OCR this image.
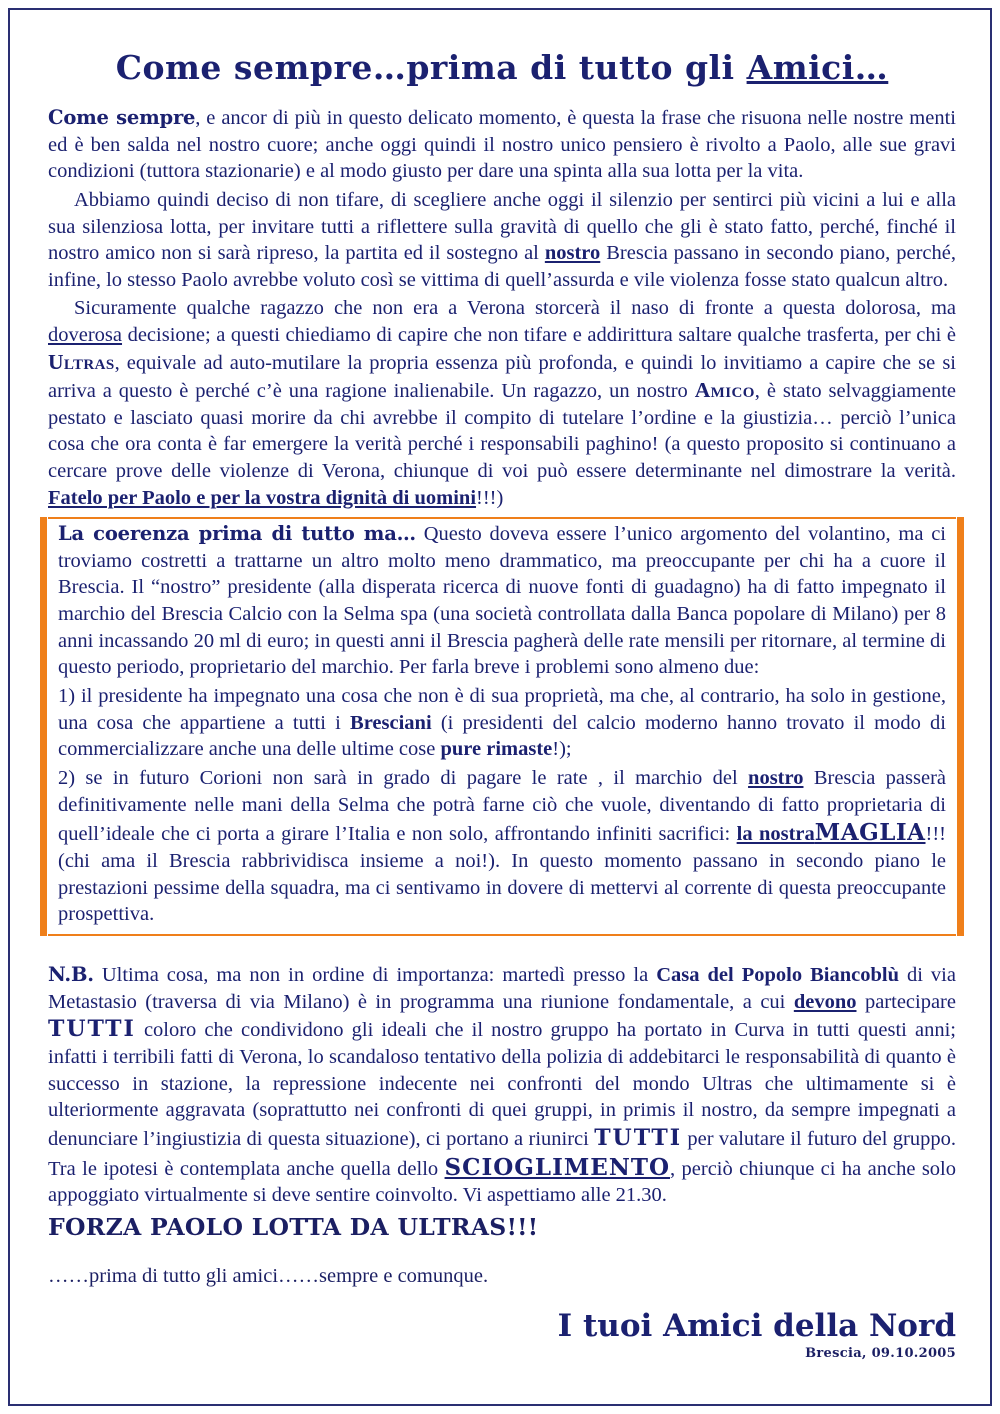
Come sempre…prima di tutto gli Amici…

Come sempre, e ancor di più in questo delicato momento, è questa la frase che risuona nelle nostre menti ed è ben salda nel nostro cuore; anche oggi quindi il nostro unico pensiero è rivolto a Paolo, alle sue gravi condizioni (tuttora stazionarie) e al modo giusto per dare una spinta alla sua lotta per la vita.

Abbiamo quindi deciso di non tifare, di scegliere anche oggi il silenzio per sentirci più vicini a lui e alla sua silenziosa lotta, per invitare tutti a riflettere sulla gravità di quello che gli è stato fatto, perché, finché il nostro amico non si sarà ripreso, la partita ed il sostegno al nostro Brescia passano in secondo piano, perché, infine, lo stesso Paolo avrebbe voluto così se vittima di quell’assurda e vile violenza fosse stato qualcun altro.

Sicuramente qualche ragazzo che non era a Verona storcerà il naso di fronte a questa dolorosa, ma doverosa decisione; a questi chiediamo di capire che non tifare e addirittura saltare qualche trasferta, per chi è Ultras, equivale ad auto-mutilare la propria essenza più profonda, e quindi lo invitiamo a capire che se si arriva a questo è perché c’è una ragione inalienabile. Un ragazzo, un nostro Amico, è stato selvaggiamente pestato e lasciato quasi morire da chi avrebbe il compito di tutelare l’ordine e la giustizia… perciò l’unica cosa che ora conta è far emergere la verità perché i responsabili paghino! (a questo proposito si continuano a cercare prove delle violenze di Verona, chiunque di voi può essere determinante nel dimostrare la verità. Fatelo per Paolo e per la vostra dignità di uomini!!!)

La coerenza prima di tutto ma… Questo doveva essere l’unico argomento del volantino, ma ci troviamo costretti a trattarne un altro molto meno drammatico, ma preoccupante per chi ha a cuore il Brescia. Il “nostro” presidente (alla disperata ricerca di nuove fonti di guadagno) ha di fatto impegnato il marchio del Brescia Calcio con la Selma spa (una società controllata dalla Banca popolare di Milano) per 8 anni incassando 20 ml di euro; in questi anni il Brescia pagherà delle rate mensili per ritornare, al termine di questo periodo, proprietario del marchio. Per farla breve i problemi sono almeno due:

1) il presidente ha impegnato una cosa che non è di sua proprietà, ma che, al contrario, ha solo in gestione, una cosa che appartiene a tutti i Bresciani (i presidenti del calcio moderno hanno trovato il modo di commercializzare anche una delle ultime cose pure rimaste!);

2) se in futuro Corioni non sarà in grado di pagare le rate , il marchio del nostro Brescia passerà definitivamente nelle mani della Selma che potrà farne ciò che vuole, diventando di fatto proprietaria di quell’ideale che ci porta a girare l’Italia e non solo, affrontando infiniti sacrifici: la nostraMAGLIA!!! (chi ama il Brescia rabbrividisca insieme a noi!). In questo momento passano in secondo piano le prestazioni pessime della squadra, ma ci sentivamo in dovere di mettervi al corrente di questa preoccupante prospettiva.

N.B. Ultima cosa, ma non in ordine di importanza: martedì presso la Casa del Popolo Biancoblù di via Metastasio (traversa di via Milano) è in programma una riunione fondamentale, a cui devono partecipare TUTTI coloro che condividono gli ideali che il nostro gruppo ha portato in Curva in tutti questi anni; infatti i terribili fatti di Verona, lo scandaloso tentativo della polizia di addebitarci le responsabilità di quanto è successo in stazione, la repressione indecente nei confronti del mondo Ultras che ultimamente si è ulteriormente aggravata (soprattutto nei confronti di quei gruppi, in primis il nostro, da sempre impegnati a denunciare l’ingiustizia di questa situazione), ci portano a riunirci TUTTI per valutare il futuro del gruppo. Tra le ipotesi è contemplata anche quella dello SCIOGLIMENTO, perciò chiunque ci ha anche solo appoggiato virtualmente si deve sentire coinvolto. Vi aspettiamo alle 21.30.

FORZA PAOLO LOTTA DA ULTRAS!!!

……prima di tutto gli amici……sempre e comunque.

I tuoi Amici della Nord
Brescia, 09.10.2005
